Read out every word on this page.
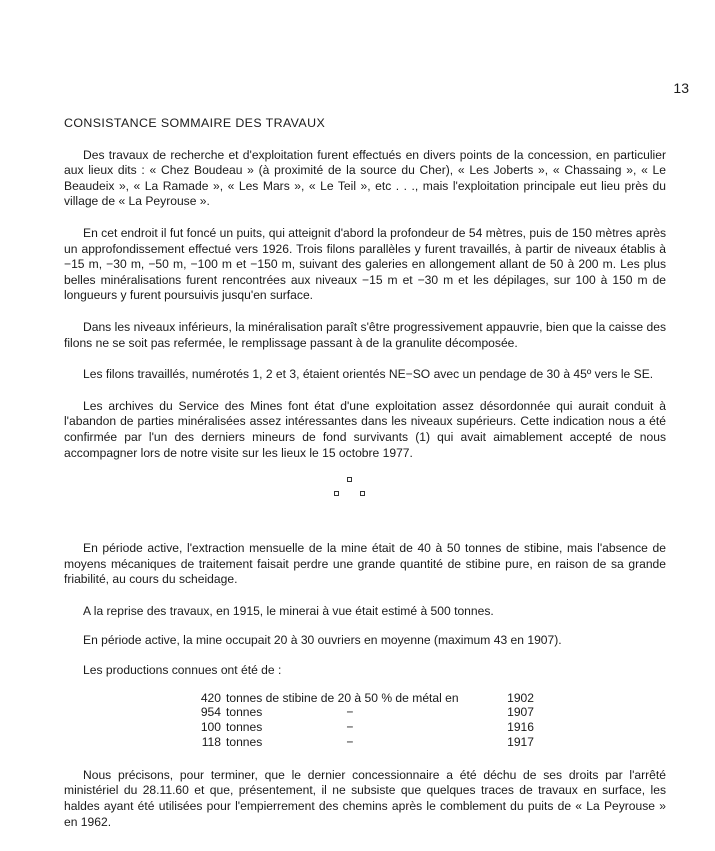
13
CONSISTANCE SOMMAIRE DES TRAVAUX

Des travaux de recherche et d'exploitation furent effectués en divers points de la concession, en particulier aux lieux dits : « Chez Boudeau » (à proximité de la source du Cher), « Les Joberts », « Chassaing », « Le Beaudeix », « La Ramade », « Les Mars », « Le Teil », etc . . ., mais l'exploitation principale eut lieu près du village de « La Peyrouse ».

En cet endroit il fut foncé un puits, qui atteignit d'abord la profondeur de 54 mètres, puis de 150 mètres après un approfondissement effectué vers 1926. Trois filons parallèles y furent travaillés, à partir de niveaux établis à −15 m, −30 m, −50 m, −100 m et −150 m, suivant des galeries en allongement allant de 50 à 200 m. Les plus belles minéralisations furent rencontrées aux niveaux −15 m et −30 m et les dépilages, sur 100 à 150 m de longueurs y furent poursuivis jusqu'en surface.

Dans les niveaux inférieurs, la minéralisation paraît s'être progressivement appauvrie, bien que la caisse des filons ne se soit pas refermée, le remplissage passant à de la granulite décomposée.

Les filons travaillés, numérotés 1, 2 et 3, étaient orientés NE−SO avec un pendage de 30 à 45º vers le SE.

Les archives du Service des Mines font état d'une exploitation assez désordonnée qui aurait conduit à l'abandon de parties minéralisées assez intéressantes dans les niveaux supérieurs. Cette indication nous a été confirmée par l'un des derniers mineurs de fond survivants (1) qui avait aimablement accepté de nous accompagner lors de notre visite sur les lieux le 15 octobre 1977.

En période active, l'extraction mensuelle de la mine était de 40 à 50 tonnes de stibine, mais l'absence de moyens mécaniques de traitement faisait perdre une grande quantité de stibine pure, en raison de sa grande friabilité, au cours du scheidage.

A la reprise des travaux, en 1915, le minerai à vue était estimé à 500 tonnes.

En période active, la mine occupait 20 à 30 ouvriers en moyenne (maximum 43 en 1907).

Les productions connues ont été de :

420	tonnes de stibine de 20 à 50 % de métal en	1902
954	tonnes −	1907
100	tonnes −	1916
118	tonnes −	1917

Nous précisons, pour terminer, que le dernier concessionnaire a été déchu de ses droits par l'arrêté ministériel du 28.11.60 et que, présentement, il ne subsiste que quelques traces de travaux en surface, les haldes ayant été utilisées pour l'empierrement des chemins après le comblement du puits de « La Peyrouse » en 1962.
